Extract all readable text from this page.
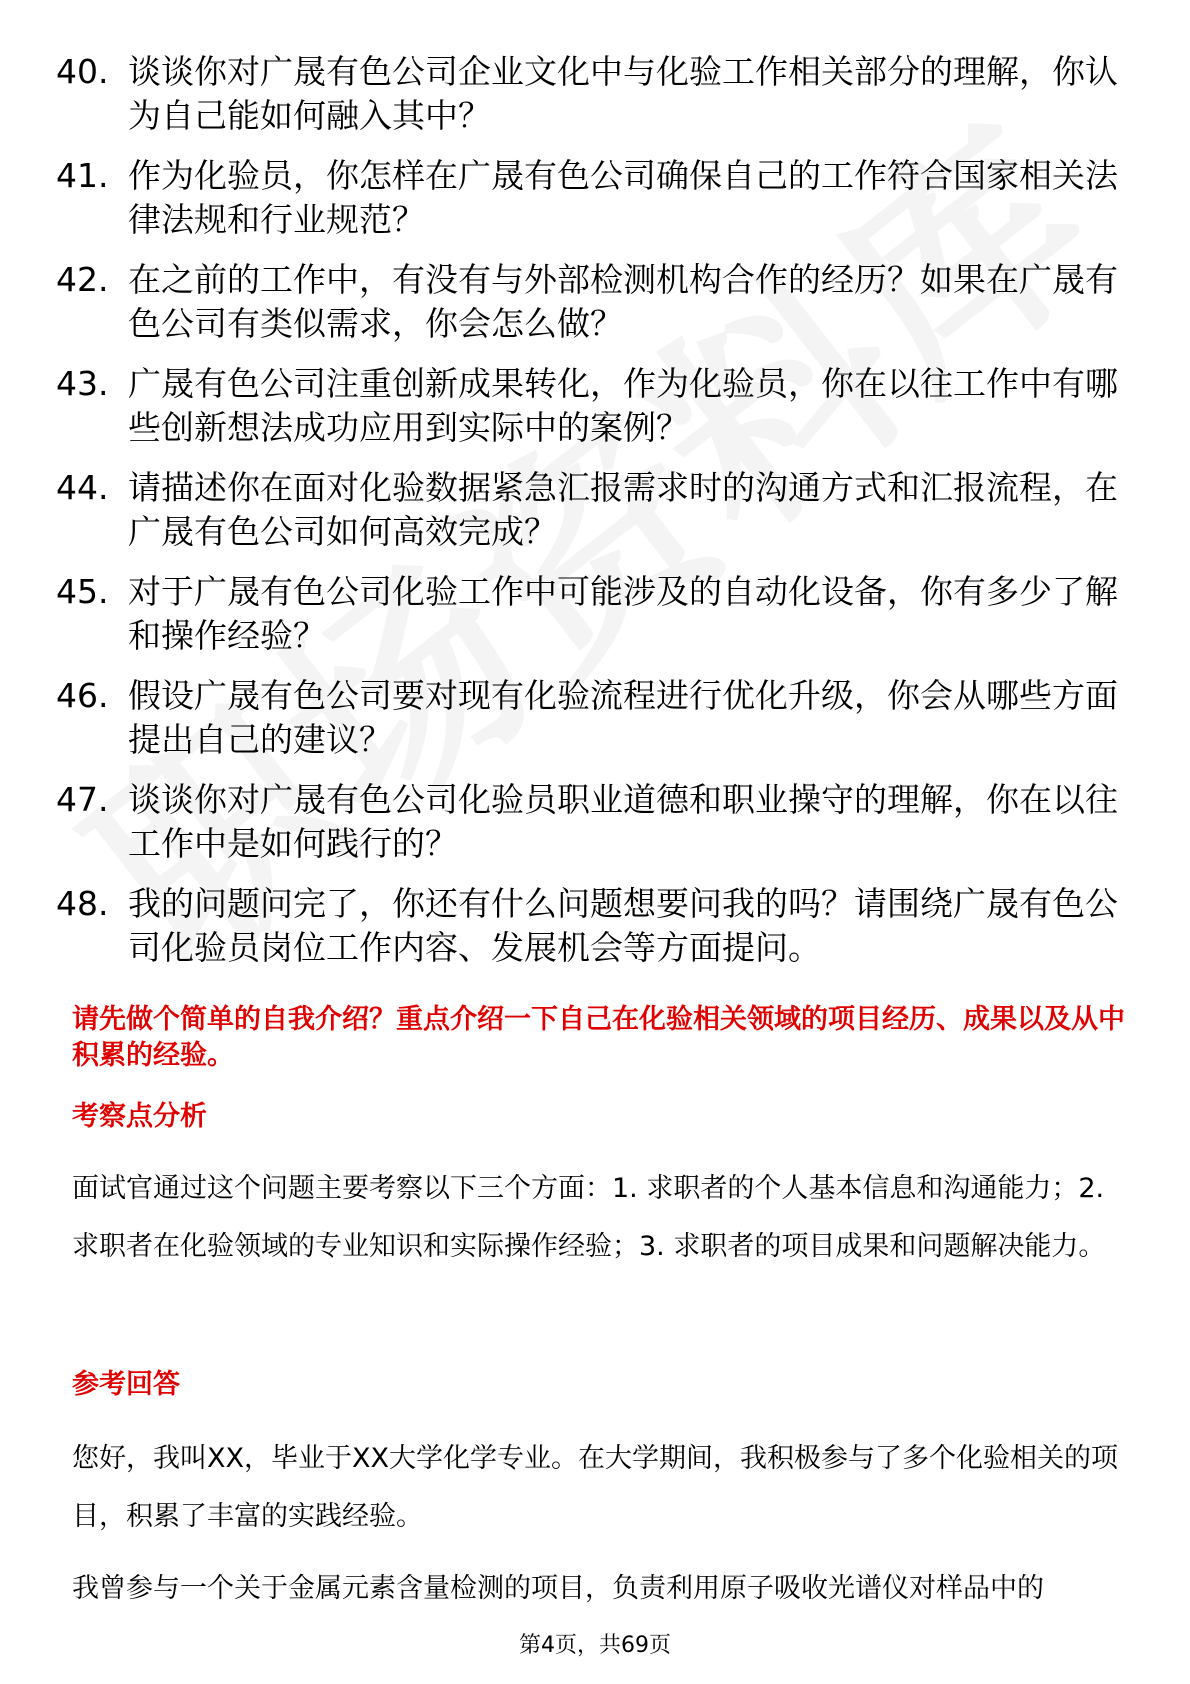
40. 谈谈你对广晟有色公司企业文化中与化验工作相关部分的理解，你认为自己能如何融入其中？
41. 作为化验员，你怎样在广晟有色公司确保自己的工作符合国家相关法律法规和行业规范？
42. 在之前的工作中，有没有与外部检测机构合作的经历？如果在广晟有色公司有类似需求，你会怎么做？
43. 广晟有色公司注重创新成果转化，作为化验员，你在以往工作中有哪些创新想法成功应用到实际中的案例？
44. 请描述你在面对化验数据紧急汇报需求时的沟通方式和汇报流程，在广晟有色公司如何高效完成？
45. 对于广晟有色公司化验工作中可能涉及的自动化设备，你有多少了解和操作经验？
46. 假设广晟有色公司要对现有化验流程进行优化升级，你会从哪些方面提出自己的建议？
47. 谈谈你对广晟有色公司化验员职业道德和职业操守的理解，你在以往工作中是如何践行的？
48. 我的问题问完了，你还有什么问题想要问我的吗？请围绕广晟有色公司化验员岗位工作内容、发展机会等方面提问。
请先做个简单的自我介绍？重点介绍一下自己在化验相关领域的项目经历、成果以及从中积累的经验。
考察点分析
面试官通过这个问题主要考察以下三个方面：1. 求职者的个人基本信息和沟通能力；2. 求职者在化验领域的专业知识和实际操作经验；3. 求职者的项目成果和问题解决能力。
参考回答
您好，我叫XX，毕业于XX大学化学专业。在大学期间，我积极参与了多个化验相关的项目，积累了丰富的实践经验。
我曾参与一个关于金属元素含量检测的项目，负责利用原子吸收光谱仪对样品中的
第4页，共69页
